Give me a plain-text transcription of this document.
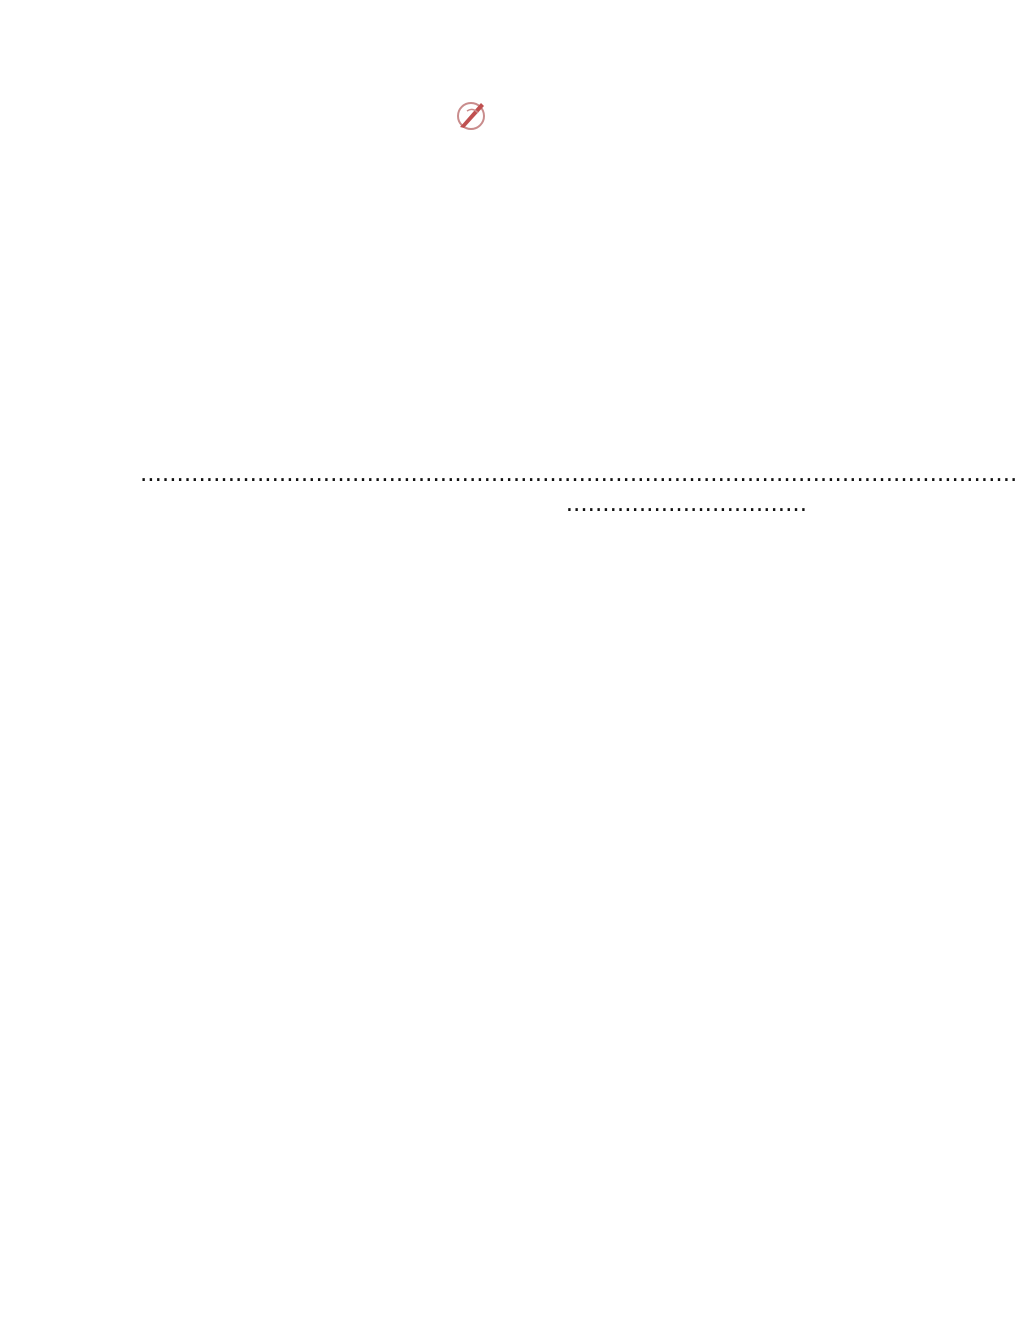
........................................................................................................................
.................................
